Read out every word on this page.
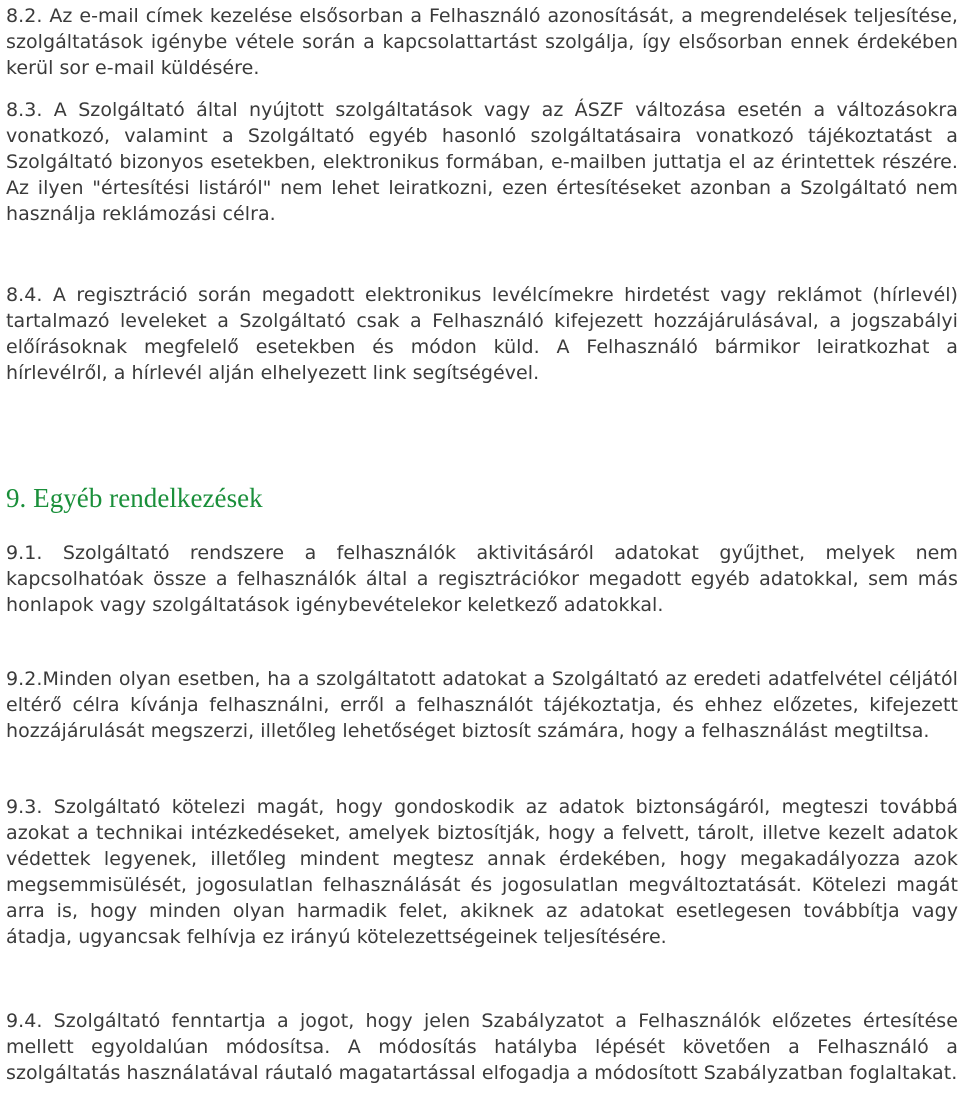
8.2. Az e-mail címek kezelése elsősorban a Felhasználó azonosítását, a megrendelések teljesítése, szolgáltatások igénybe vétele során a kapcsolattartást szolgálja, így elsősorban ennek érdekében kerül sor e-mail küldésére.

8.3. A Szolgáltató által nyújtott szolgáltatások vagy az ÁSZF változása esetén a változásokra vonatkozó, valamint a Szolgáltató egyéb hasonló szolgáltatásaira vonatkozó tájékoztatást a Szolgáltató bizonyos esetekben, elektronikus formában, e-mailben juttatja el az érintettek részére. Az ilyen "értesítési listáról" nem lehet leiratkozni, ezen értesítéseket azonban a Szolgáltató nem használja reklámozási célra.

8.4. A regisztráció során megadott elektronikus levélcímekre hirdetést vagy reklámot (hírlevél) tartalmazó leveleket a Szolgáltató csak a Felhasználó kifejezett hozzájárulásával, a jogszabályi előírásoknak megfelelő esetekben és módon küld. A Felhasználó bármikor leiratkozhat a hírlevélről, a hírlevél alján elhelyezett link segítségével.

9. Egyéb rendelkezések

9.1. Szolgáltató rendszere a felhasználók aktivitásáról adatokat gyűjthet, melyek nem kapcsolhatóak össze a felhasználók által a regisztrációkor megadott egyéb adatokkal, sem más honlapok vagy szolgáltatások igénybevételekor keletkező adatokkal.

9.2.Minden olyan esetben, ha a szolgáltatott adatokat a Szolgáltató az eredeti adatfelvétel céljától eltérő célra kívánja felhasználni, erről a felhasználót tájékoztatja, és ehhez előzetes, kifejezett hozzájárulását megszerzi, illetőleg lehetőséget biztosít számára, hogy a felhasználást megtiltsa.

9.3. Szolgáltató kötelezi magát, hogy gondoskodik az adatok biztonságáról, megteszi továbbá azokat a technikai intézkedéseket, amelyek biztosítják, hogy a felvett, tárolt, illetve kezelt adatok védettek legyenek, illetőleg mindent megtesz annak érdekében, hogy megakadályozza azok megsemmisülését, jogosulatlan felhasználását és jogosulatlan megváltoztatását. Kötelezi magát arra is, hogy minden olyan harmadik felet, akiknek az adatokat esetlegesen továbbítja vagy átadja, ugyancsak felhívja ez irányú kötelezettségeinek teljesítésére.

9.4. Szolgáltató fenntartja a jogot, hogy jelen Szabályzatot a Felhasználók előzetes értesítése mellett egyoldalúan módosítsa. A módosítás hatályba lépését követően a Felhasználó a szolgáltatás használatával ráutaló magatartással elfogadja a módosított Szabályzatban foglaltakat.
